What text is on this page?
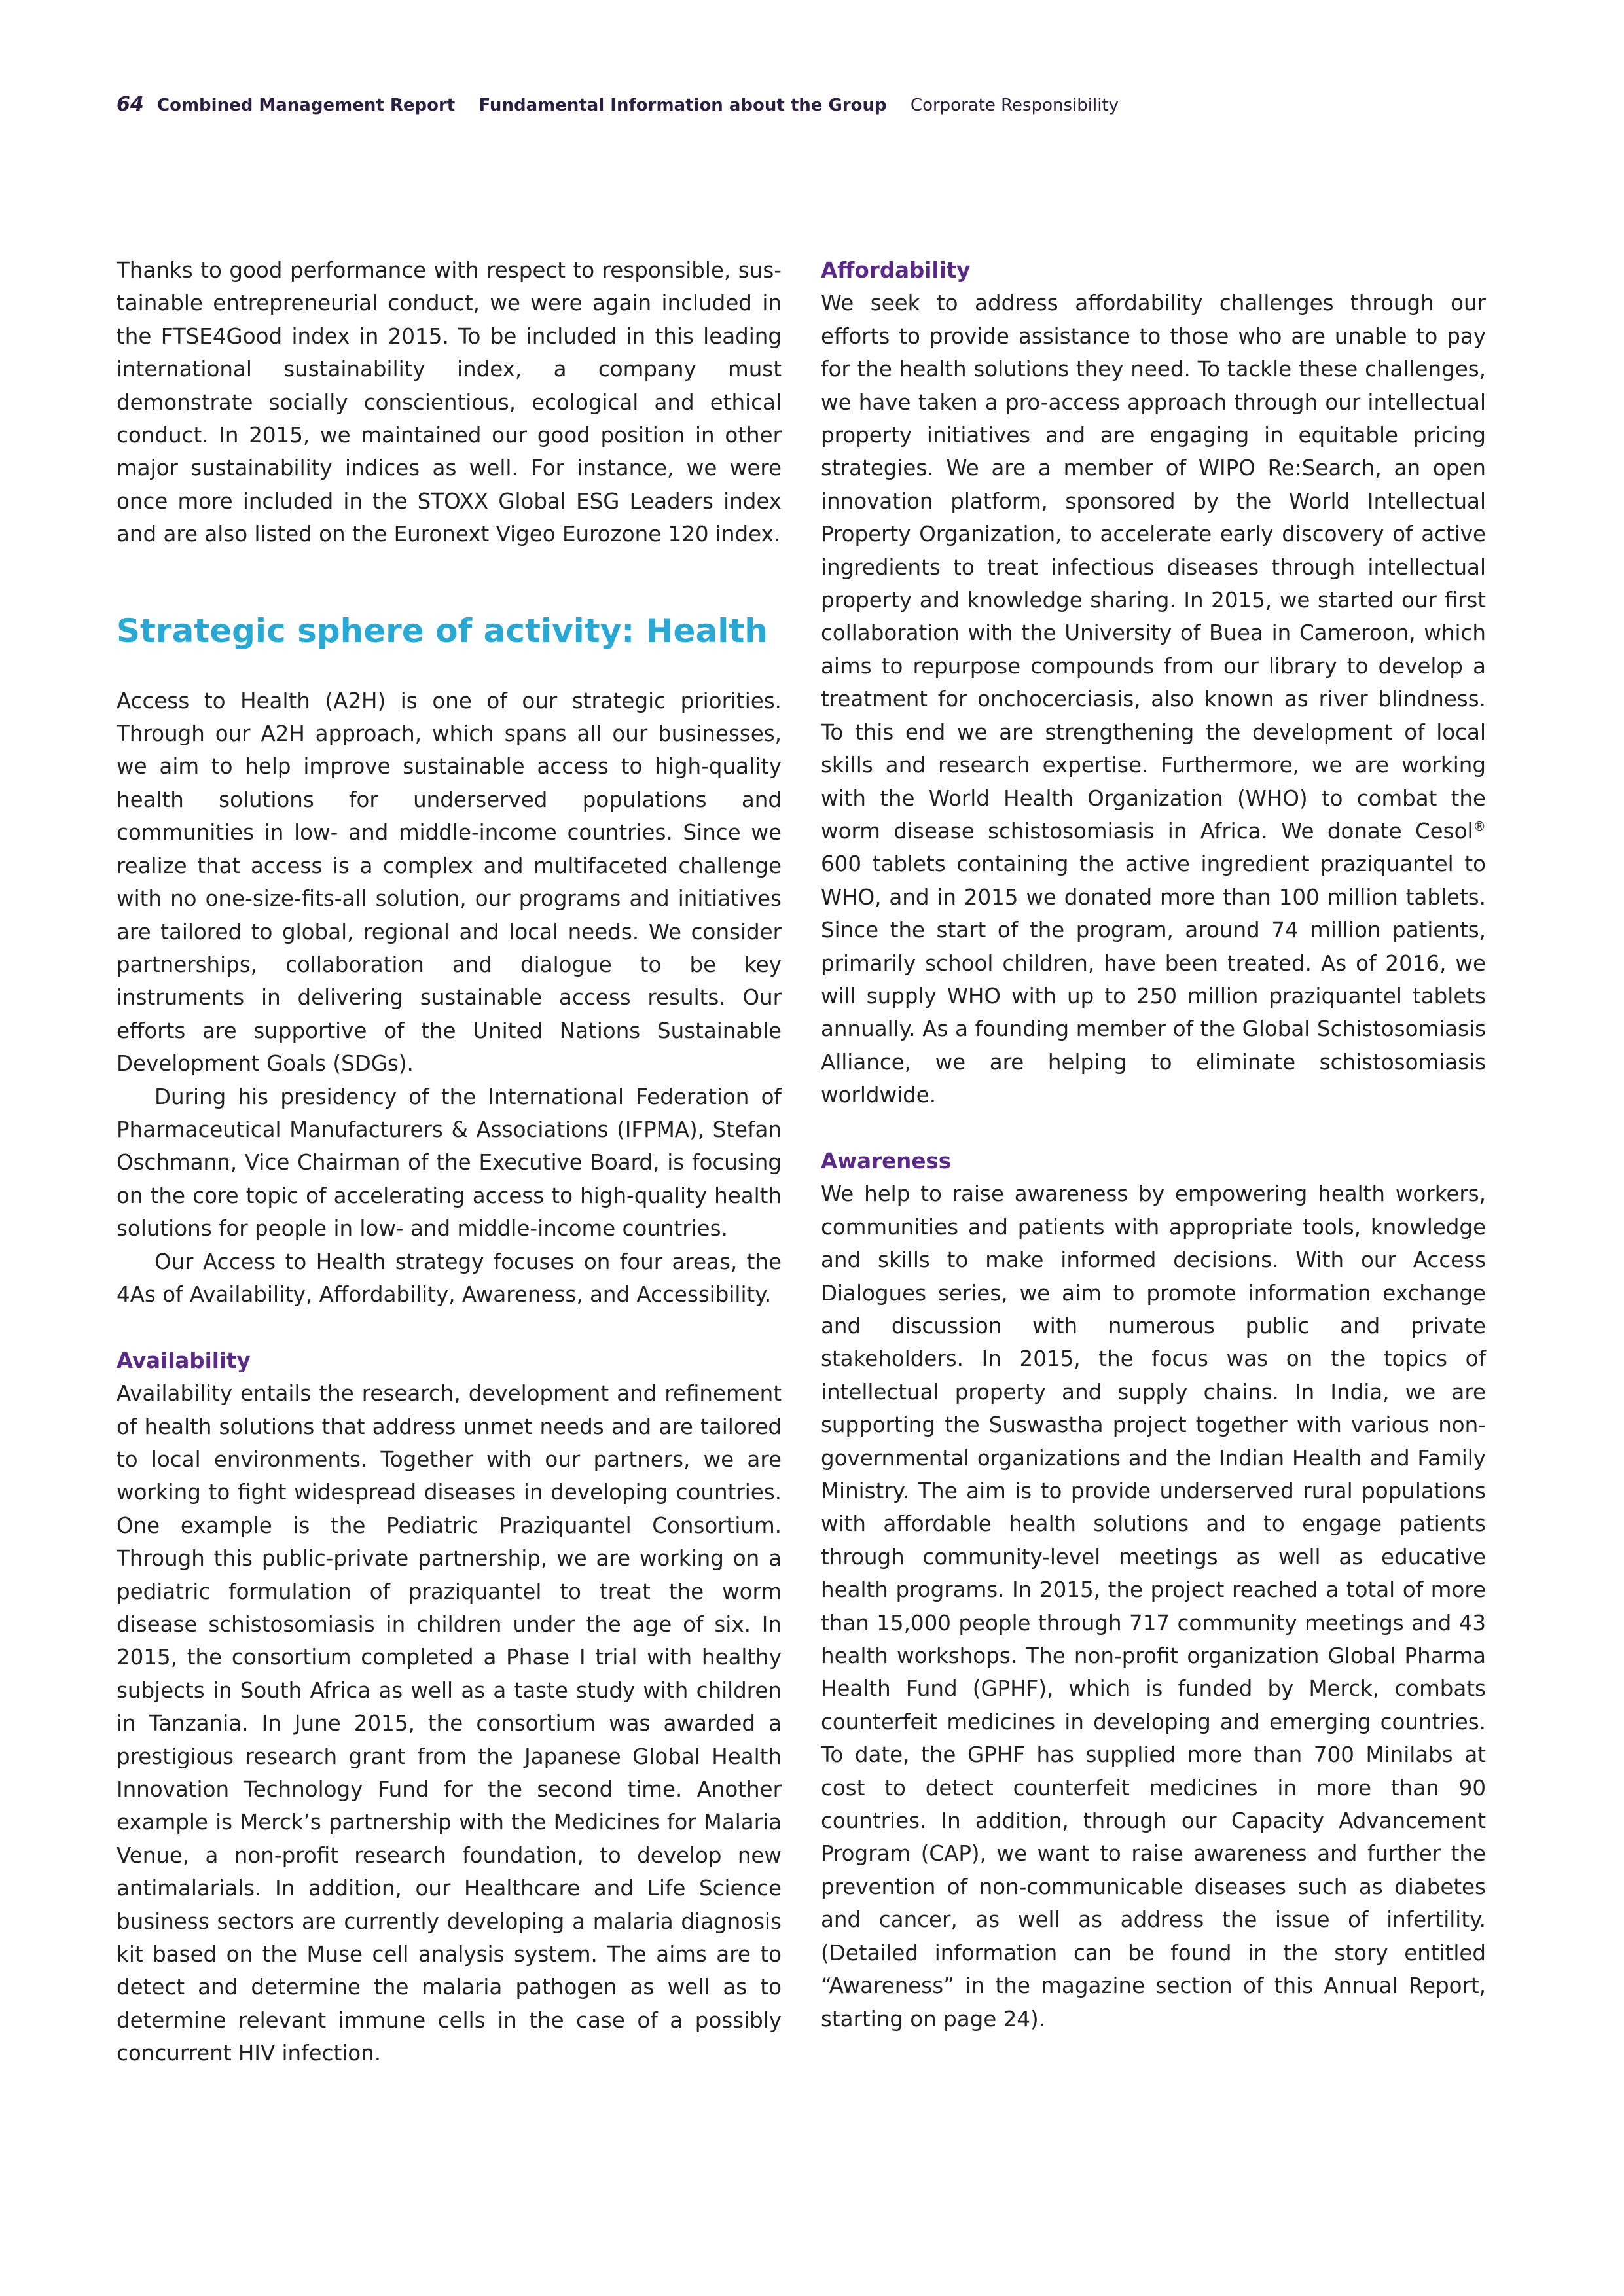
64 Combined Management Report Fundamental Information about the Group Corporate Responsibility

Thanks to good performance with respect to responsible, sustainable entrepreneurial conduct, we were again included in the FTSE4Good index in 2015. To be included in this leading international sustainability index, a company must demonstrate socially conscientious, ecological and ethical conduct. In 2015, we maintained our good position in other major sustainability indices as well. For instance, we were once more included in the STOXX Global ESG Leaders index and are also listed on the Euronext Vigeo Eurozone 120 index.

Strategic sphere of activity: Health

Access to Health (A2H) is one of our strategic priorities. Through our A2H approach, which spans all our businesses, we aim to help improve sustainable access to high-quality health solutions for underserved populations and communities in low- and middle-income countries. Since we realize that access is a complex and multifaceted challenge with no one-size-fits-all solution, our programs and initiatives are tailored to global, regional and local needs. We consider partnerships, collaboration and dialogue to be key instruments in delivering sustainable access results. Our efforts are supportive of the United Nations Sustainable Development Goals (SDGs).

During his presidency of the International Federation of Pharmaceutical Manufacturers & Associations (IFPMA), Stefan Oschmann, Vice Chairman of the Executive Board, is focusing on the core topic of accelerating access to high-quality health solutions for people in low- and middle-income countries.

Our Access to Health strategy focuses on four areas, the 4As of Availability, Affordability, Awareness, and Accessibility.

Availability

Availability entails the research, development and refinement of health solutions that address unmet needs and are tailored to local environments. Together with our partners, we are working to fight widespread diseases in developing countries. One example is the Pediatric Praziquantel Consortium. Through this public-private partnership, we are working on a pediatric formulation of praziquantel to treat the worm disease schistosomiasis in children under the age of six. In 2015, the consortium completed a Phase I trial with healthy subjects in South Africa as well as a taste study with children in Tanzania. In June 2015, the consortium was awarded a prestigious research grant from the Japanese Global Health Innovation Technology Fund for the second time. Another example is Merck’s partnership with the Medicines for Malaria Venue, a non-profit research foundation, to develop new antimalarials. In addition, our Healthcare and Life Science business sectors are currently developing a malaria diagnosis kit based on the Muse cell analysis system. The aims are to detect and determine the malaria pathogen as well as to determine relevant immune cells in the case of a possibly concurrent HIV infection.

Affordability

We seek to address affordability challenges through our efforts to provide assistance to those who are unable to pay for the health solutions they need. To tackle these challenges, we have taken a pro-access approach through our intellectual property initiatives and are engaging in equitable pricing strategies. We are a member of WIPO Re:Search, an open innovation platform, sponsored by the World Intellectual Property Organization, to accelerate early discovery of active ingredients to treat infectious diseases through intellectual property and knowledge sharing. In 2015, we started our first collaboration with the University of Buea in Cameroon, which aims to repurpose compounds from our library to develop a treatment for onchocerciasis, also known as river blindness. To this end we are strengthening the development of local skills and research expertise. Furthermore, we are working with the World Health Organization (WHO) to combat the worm disease schistosomiasis in Africa. We donate Cesol® 600 tablets containing the active ingredient praziquantel to WHO, and in 2015 we donated more than 100 million tablets. Since the start of the program, around 74 million patients, primarily school children, have been treated. As of 2016, we will supply WHO with up to 250 million praziquantel tablets annually. As a founding member of the Global Schistosomiasis Alliance, we are helping to eliminate schistosomiasis worldwide.

Awareness

We help to raise awareness by empowering health workers, communities and patients with appropriate tools, knowledge and skills to make informed decisions. With our Access Dialogues series, we aim to promote information exchange and discussion with numerous public and private stakeholders. In 2015, the focus was on the topics of intellectual property and supply chains. In India, we are supporting the Suswastha project together with various non-governmental organizations and the Indian Health and Family Ministry. The aim is to provide underserved rural populations with affordable health solutions and to engage patients through community-level meetings as well as educative health programs. In 2015, the project reached a total of more than 15,000 people through 717 community meetings and 43 health workshops. The non-profit organization Global Pharma Health Fund (GPHF), which is funded by Merck, combats counterfeit medicines in developing and emerging countries. To date, the GPHF has supplied more than 700 Minilabs at cost to detect counterfeit medicines in more than 90 countries. In addition, through our Capacity Advancement Program (CAP), we want to raise awareness and further the prevention of non-communicable diseases such as diabetes and cancer, as well as address the issue of infertility. (Detailed information can be found in the story entitled “Awareness” in the magazine section of this Annual Report, starting on page 24).
